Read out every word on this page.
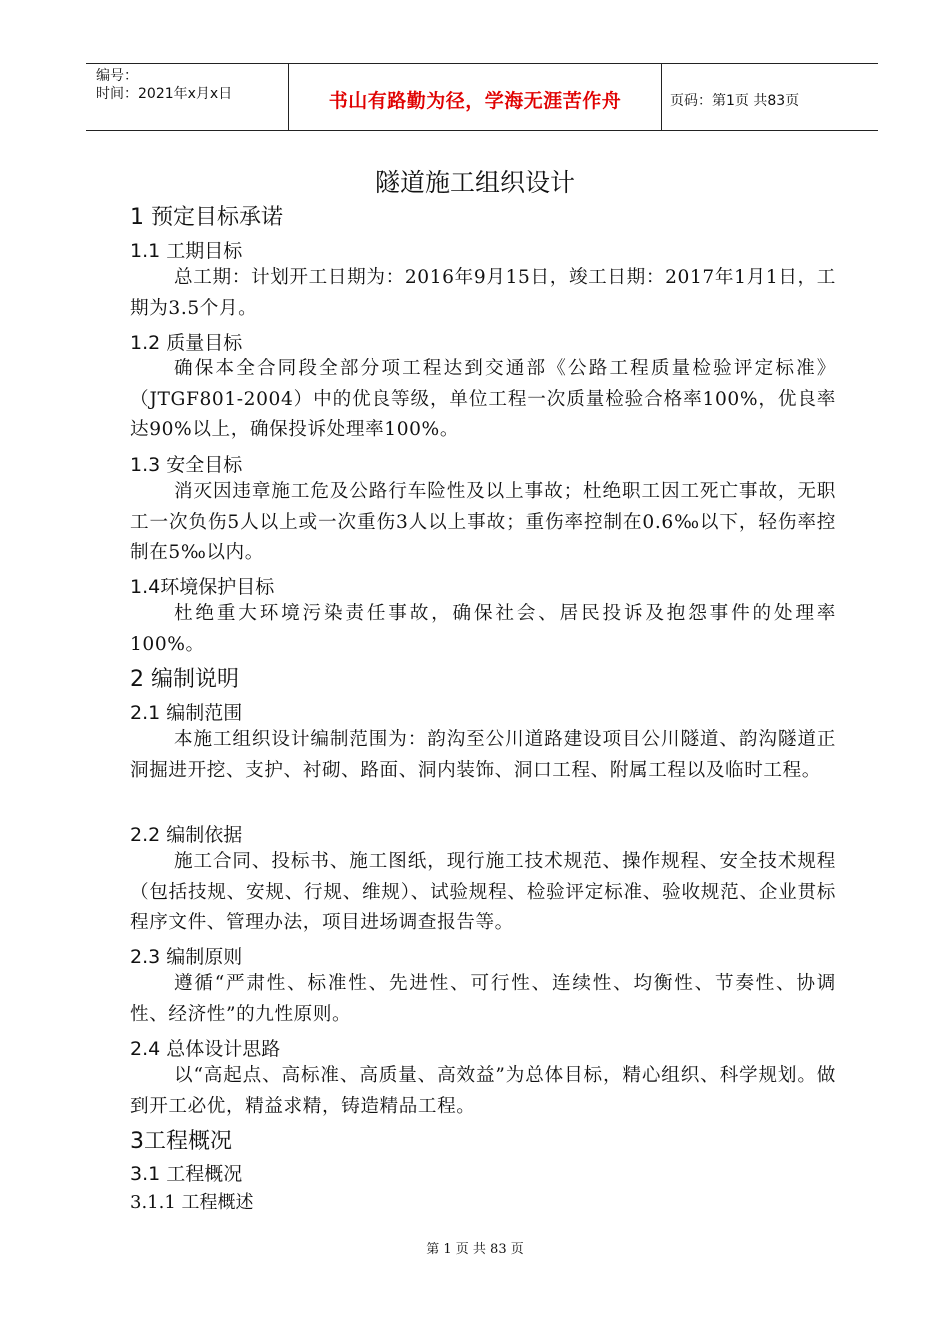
编号：
时间：2021年x月x日	书山有路勤为径，学海无涯苦作舟	页码：第1页 共83页
隧道施工组织设计
1 预定目标承诺
1.1 工期目标
总工期：计划开工日期为：2016年9月15日，竣工日期：2017年1月1日，工期为3.5个月。
1.2 质量目标
确保本全合同段全部分项工程达到交通部《公路工程质量检验评定标准》（JTGF801-2004）中的优良等级，单位工程一次质量检验合格率100%，优良率达90%以上，确保投诉处理率100%。
1.3 安全目标
消灭因违章施工危及公路行车险性及以上事故；杜绝职工因工死亡事故，无职工一次负伤5人以上或一次重伤3人以上事故；重伤率控制在0.6‰以下，轻伤率控制在5‰以内。
1.4环境保护目标
杜绝重大环境污染责任事故，确保社会、居民投诉及抱怨事件的处理率100%。
2 编制说明
2.1 编制范围
本施工组织设计编制范围为：韵沟至公川道路建设项目公川隧道、韵沟隧道正洞掘进开挖、支护、衬砌、路面、洞内装饰、洞口工程、附属工程以及临时工程。
2.2 编制依据
施工合同、投标书、施工图纸，现行施工技术规范、操作规程、安全技术规程（包括技规、安规、行规、维规）、试验规程、检验评定标准、验收规范、企业贯标程序文件、管理办法，项目进场调查报告等。
2.3 编制原则
遵循“严肃性、标准性、先进性、可行性、连续性、均衡性、节奏性、协调性、经济性”的九性原则。
2.4 总体设计思路
以“高起点、高标准、高质量、高效益”为总体目标，精心组织、科学规划。做到开工必优，精益求精，铸造精品工程。
3工程概况
3.1 工程概况
3.1.1 工程概述
第 1 页 共 83 页
